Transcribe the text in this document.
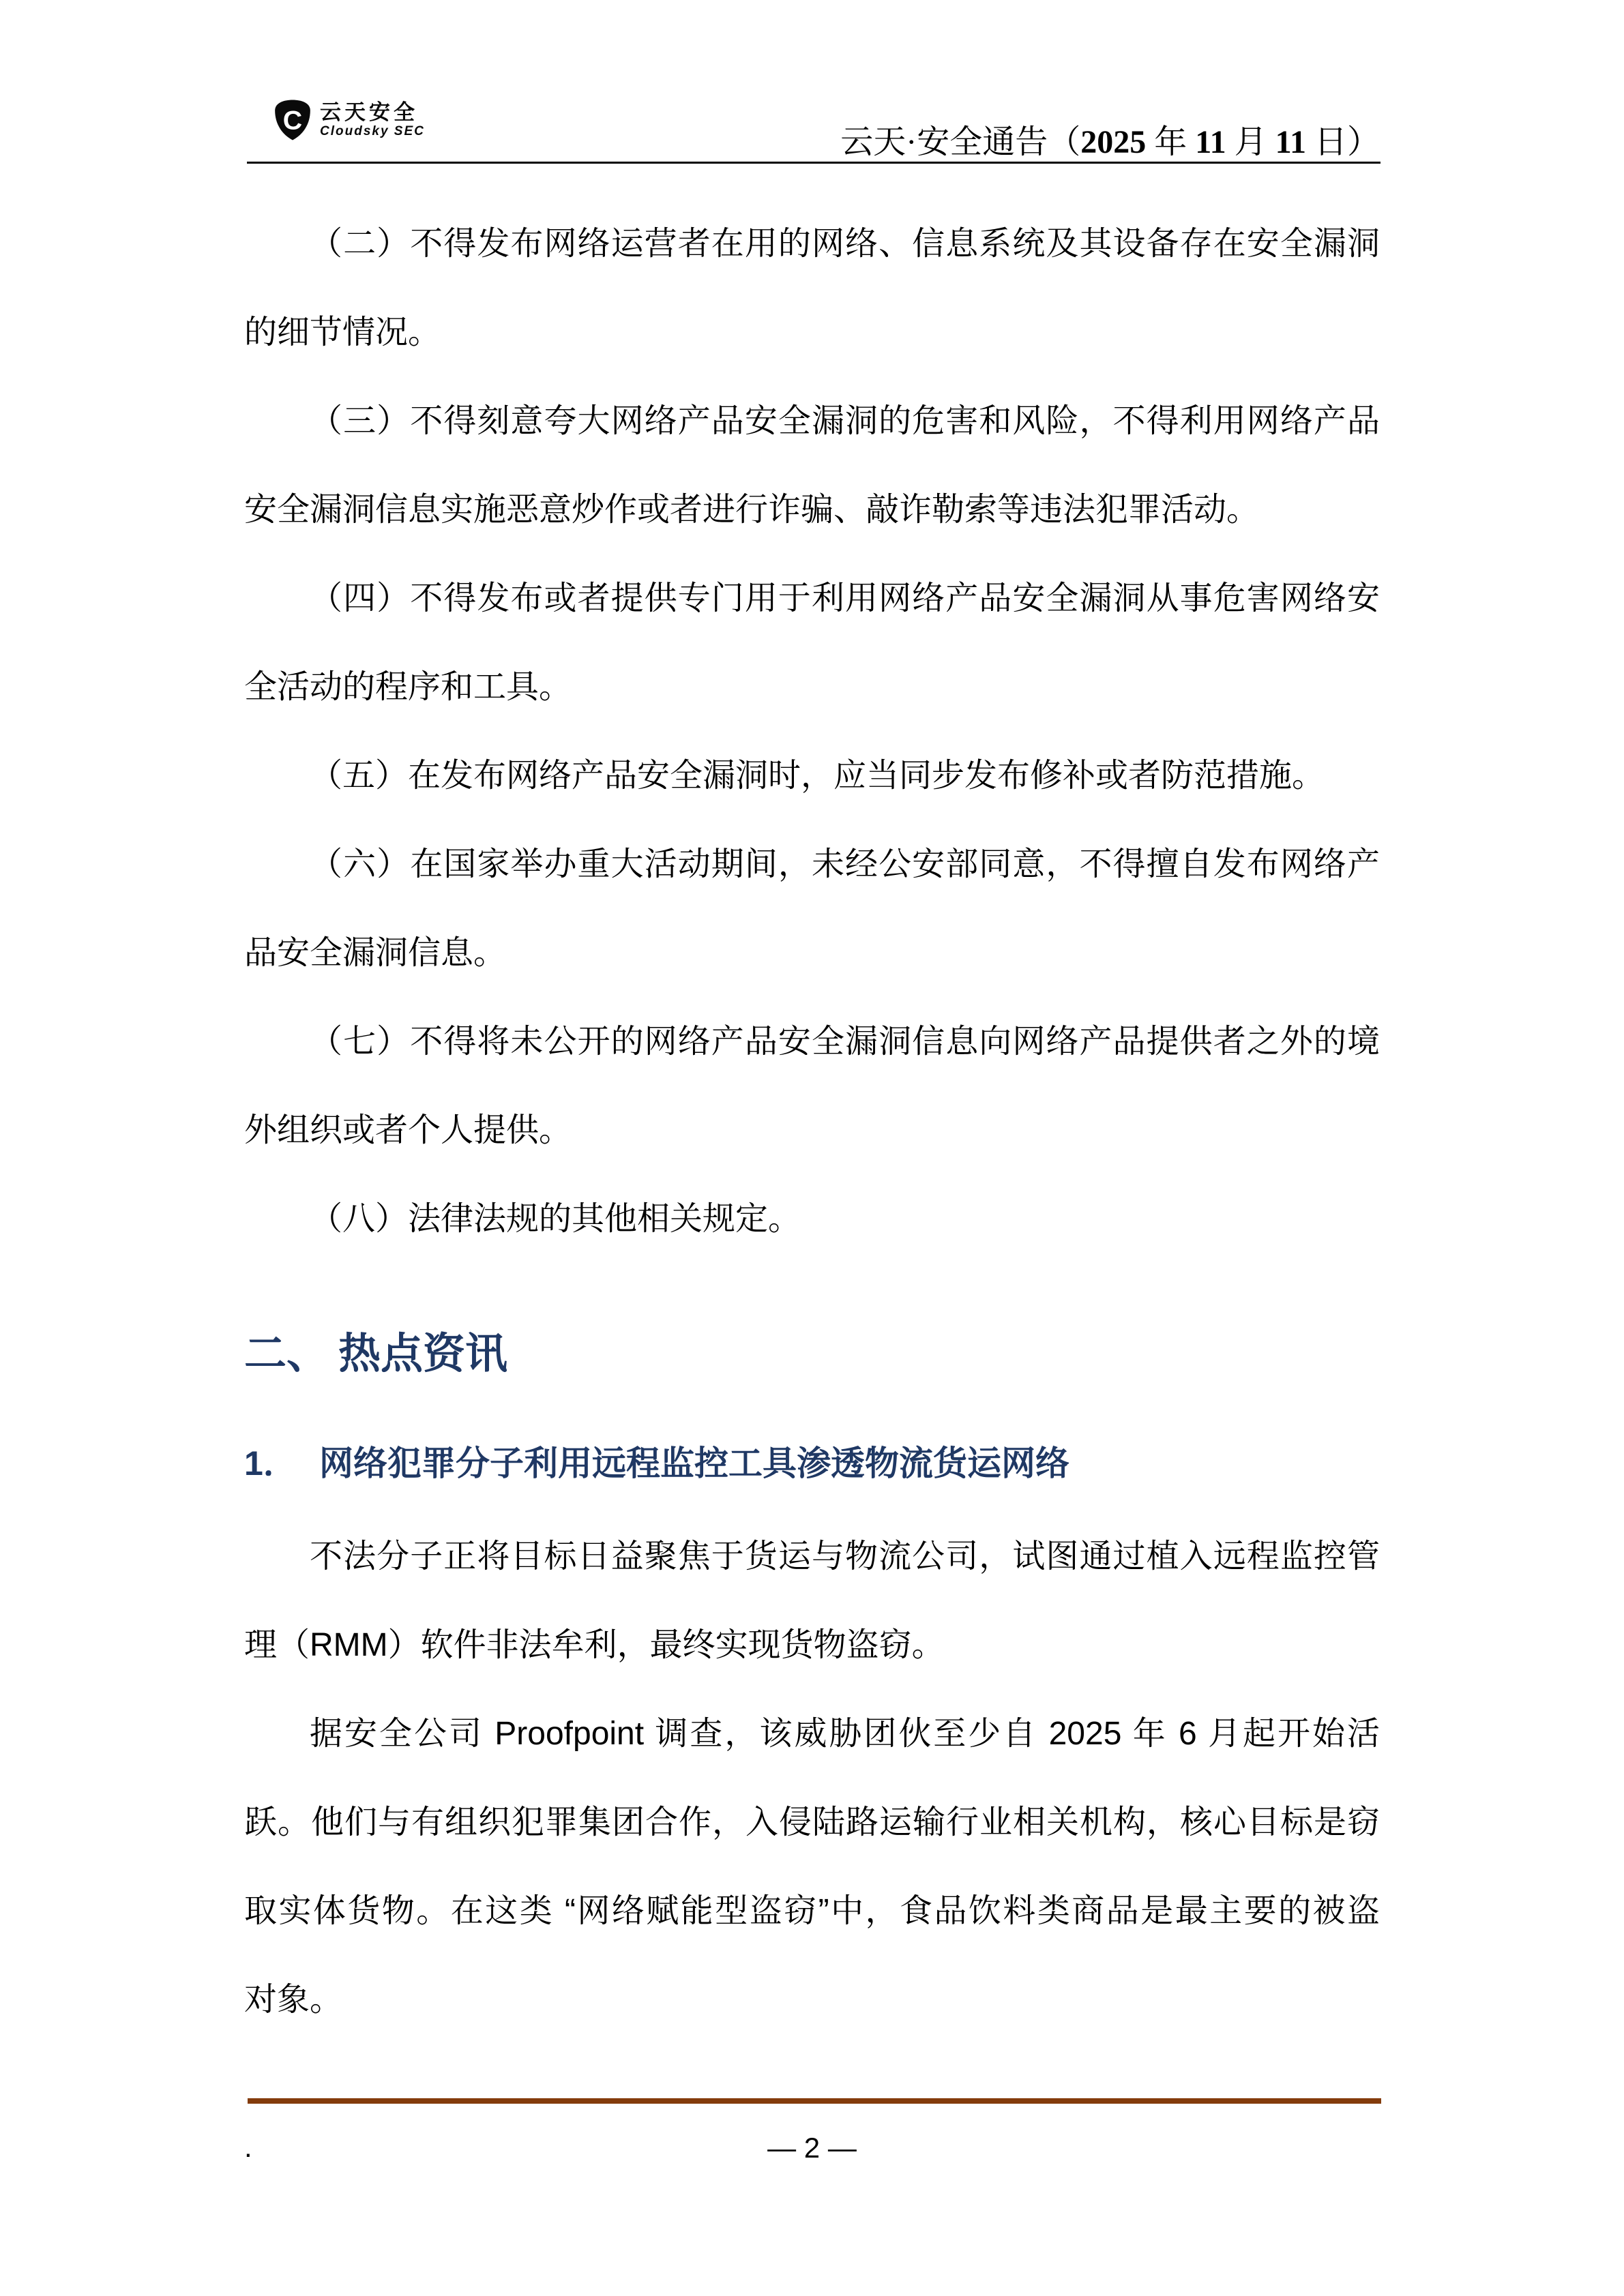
C 云天安全
Cloudsky SEC	云天·安全通告（2025 年 11 月 11 日）
（二）不得发布网络运营者在用的网络、信息系统及其设备存在安全漏洞
的细节情况。
（三）不得刻意夸大网络产品安全漏洞的危害和风险，不得利用网络产品
安全漏洞信息实施恶意炒作或者进行诈骗、敲诈勒索等违法犯罪活动。
（四）不得发布或者提供专门用于利用网络产品安全漏洞从事危害网络安
全活动的程序和工具。
（五）在发布网络产品安全漏洞时，应当同步发布修补或者防范措施。
（六）在国家举办重大活动期间，未经公安部同意，不得擅自发布网络产
品安全漏洞信息。
（七）不得将未公开的网络产品安全漏洞信息向网络产品提供者之外的境
外组织或者个人提供。
（八）法律法规的其他相关规定。
二、 热点资讯
1． 网络犯罪分子利用远程监控工具渗透物流货运网络
不法分子正将目标日益聚焦于货运与物流公司，试图通过植入远程监控管
理（RMM）软件非法牟利，最终实现货物盗窃。
据安全公司 Proofpoint 调查，该威胁团伙至少自 2025 年 6 月起开始活
跃。他们与有组织犯罪集团合作，入侵陆路运输行业相关机构，核心目标是窃
取实体货物。在这类 “网络赋能型盗窃”中，食品饮料类商品是最主要的被盗
对象。
.	— 2 —
